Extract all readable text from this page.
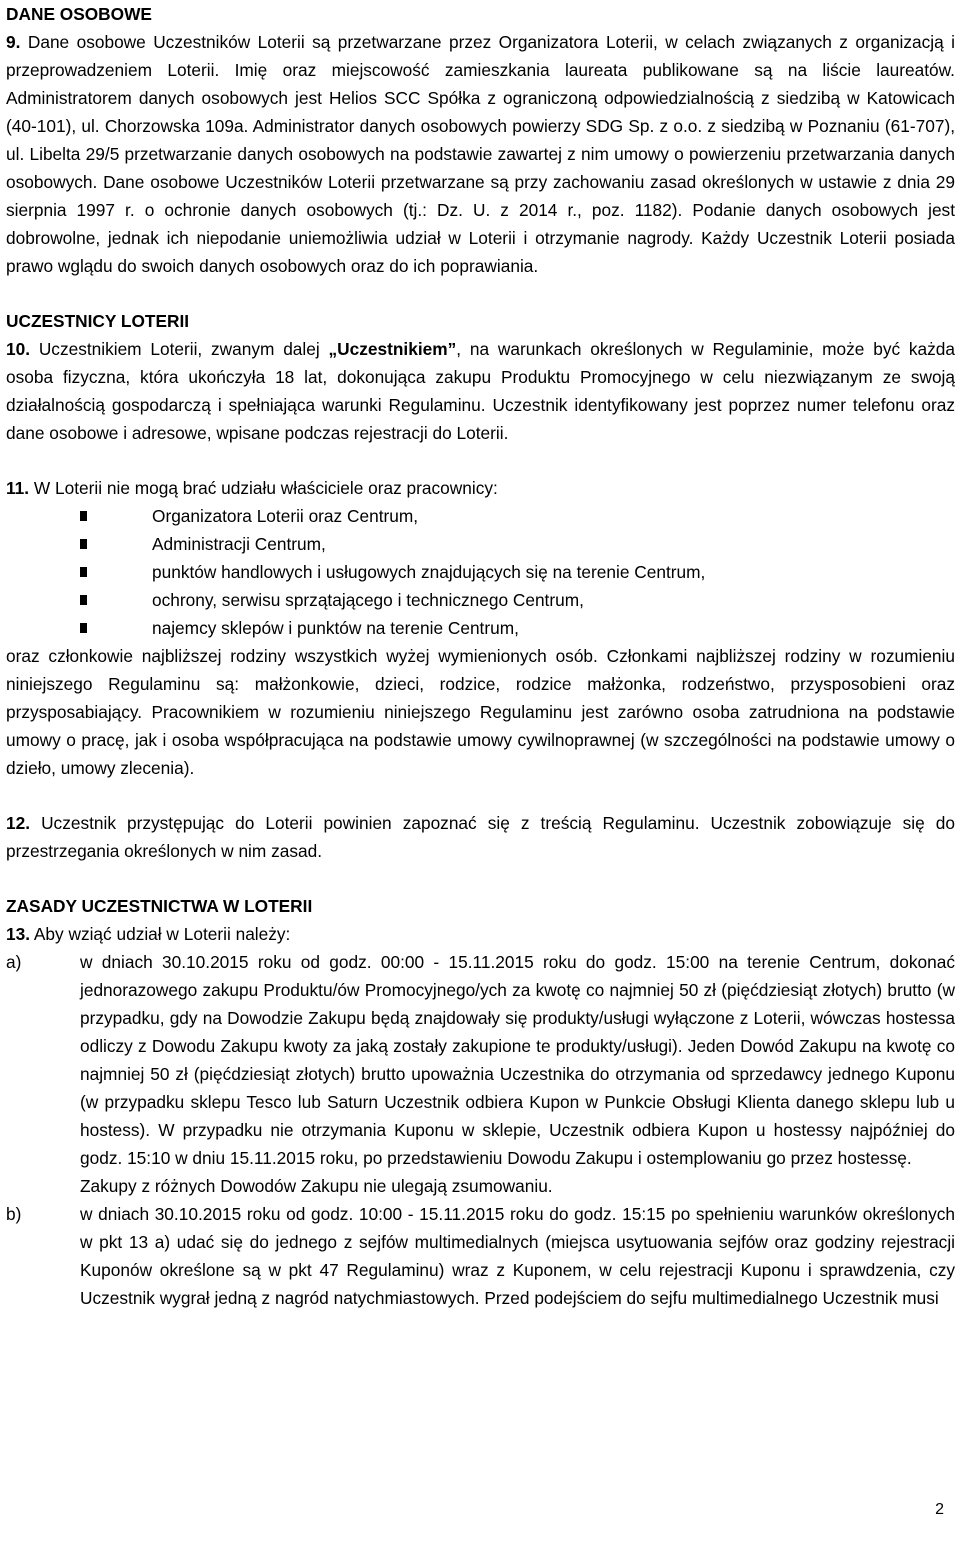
DANE OSOBOWE

9. Dane osobowe Uczestników Loterii są przetwarzane przez Organizatora Loterii, w celach związanych z organizacją i przeprowadzeniem Loterii. Imię oraz miejscowość zamieszkania laureata publikowane są na liście laureatów. Administratorem danych osobowych jest Helios SCC Spółka z ograniczoną odpowiedzialnością z siedzibą w Katowicach (40-101), ul. Chorzowska 109a. Administrator danych osobowych powierzy SDG Sp. z o.o. z siedzibą w Poznaniu (61-707), ul. Libelta 29/5 przetwarzanie danych osobowych na podstawie zawartej z nim umowy o powierzeniu przetwarzania danych osobowych. Dane osobowe Uczestników Loterii przetwarzane są przy zachowaniu zasad określonych w ustawie z dnia 29 sierpnia 1997 r. o ochronie danych osobowych (tj.: Dz. U. z 2014 r., poz. 1182). Podanie danych osobowych jest dobrowolne, jednak ich niepodanie uniemożliwia udział w Loterii i otrzymanie nagrody. Każdy Uczestnik Loterii posiada prawo wglądu do swoich danych osobowych oraz do ich poprawiania.

UCZESTNICY LOTERII

10. Uczestnikiem Loterii, zwanym dalej „Uczestnikiem”, na warunkach określonych w Regulaminie, może być każda osoba fizyczna, która ukończyła 18 lat, dokonująca zakupu Produktu Promocyjnego w celu niezwiązanym ze swoją działalnością gospodarczą i spełniająca warunki Regulaminu. Uczestnik identyfikowany jest poprzez numer telefonu oraz dane osobowe i adresowe, wpisane podczas rejestracji do Loterii.

11. W Loterii nie mogą brać udziału właściciele oraz pracownicy:

Organizatora Loterii oraz Centrum,
Administracji Centrum,
punktów handlowych i usługowych znajdujących się na terenie Centrum,
ochrony, serwisu sprzątającego i technicznego Centrum,
najemcy sklepów i punktów na terenie Centrum,

oraz członkowie najbliższej rodziny wszystkich wyżej wymienionych osób. Członkami najbliższej rodziny w rozumieniu niniejszego Regulaminu są: małżonkowie, dzieci, rodzice, rodzice małżonka, rodzeństwo, przysposobieni oraz przysposabiający. Pracownikiem w rozumieniu niniejszego Regulaminu jest zarówno osoba zatrudniona na podstawie umowy o pracę, jak i osoba współpracująca na podstawie umowy cywilnoprawnej (w szczególności na podstawie umowy o dzieło, umowy zlecenia).

12. Uczestnik przystępując do Loterii powinien zapoznać się z treścią Regulaminu. Uczestnik zobowiązuje się do przestrzegania określonych w nim zasad.

ZASADY UCZESTNICTWA W LOTERII

13. Aby wziąć udział w Loterii należy:

a)	w dniach 30.10.2015 roku od godz. 00:00 - 15.11.2015 roku do godz. 15:00 na terenie Centrum, dokonać jednorazowego zakupu Produktu/ów Promocyjnego/ych za kwotę co najmniej 50 zł (pięćdziesiąt złotych) brutto (w przypadku, gdy na Dowodzie Zakupu będą znajdowały się produkty/usługi wyłączone z Loterii, wówczas hostessa odliczy z Dowodu Zakupu kwoty za jaką zostały zakupione te produkty/usługi). Jeden Dowód Zakupu na kwotę co najmniej 50 zł (pięćdziesiąt złotych) brutto upoważnia Uczestnika do otrzymania od sprzedawcy jednego Kuponu (w przypadku sklepu Tesco lub Saturn Uczestnik odbiera Kupon w Punkcie Obsługi Klienta danego sklepu lub u hostess). W przypadku nie otrzymania Kuponu w sklepie, Uczestnik odbiera Kupon u hostessy najpóźniej do godz. 15:10 w dniu 15.11.2015 roku, po przedstawieniu Dowodu Zakupu i ostemplowaniu go przez hostessę.
Zakupy z różnych Dowodów Zakupu nie ulegają zsumowaniu.
b)	w dniach 30.10.2015 roku od godz. 10:00 - 15.11.2015 roku do godz. 15:15 po spełnieniu warunków określonych w pkt 13 a) udać się do jednego z sejfów multimedialnych (miejsca usytuowania sejfów oraz godziny rejestracji Kuponów określone są w pkt 47 Regulaminu) wraz z Kuponem, w celu rejestracji Kuponu i sprawdzenia, czy Uczestnik wygrał jedną z nagród natychmiastowych. Przed podejściem do sejfu multimedialnego Uczestnik musi
2
